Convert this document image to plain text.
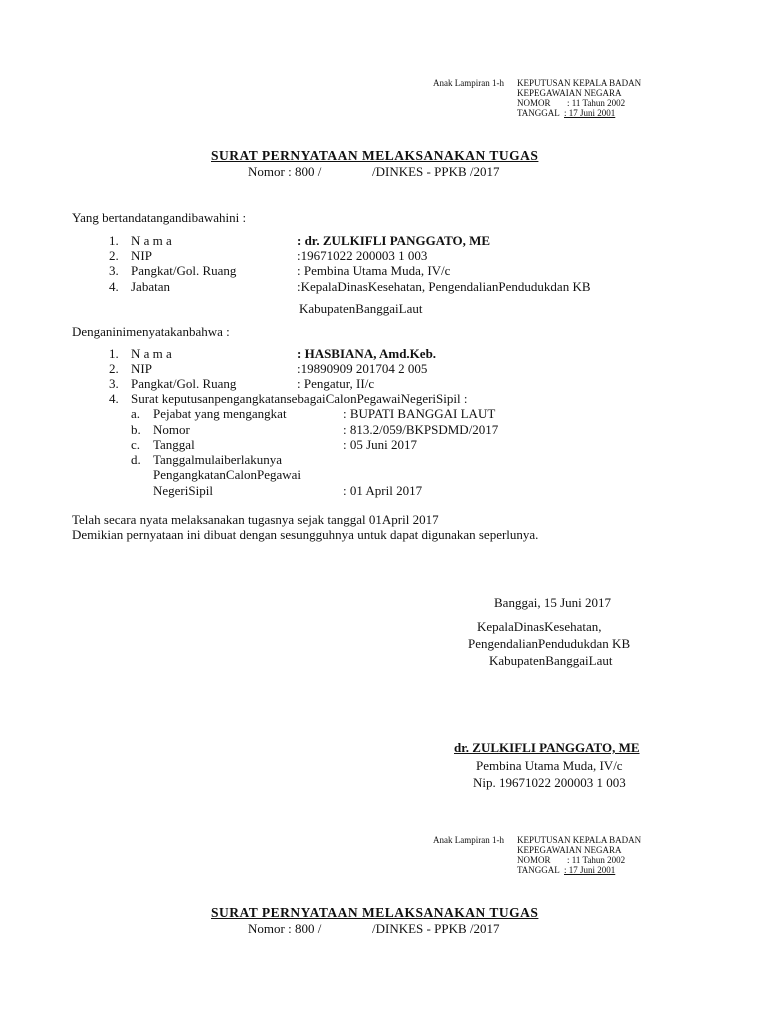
Anak Lampiran 1-h KEPUTUSAN KEPALA BADAN
KEPEGAWAIAN NEGARA
NOMOR : 11 Tahun 2002
TANGGAL : 17 Juni 2001
SURAT PERNYATAAN MELAKSANAKAN TUGAS
Nomor : 800 /	/DINKES - PPKB /2017
Yang bertandatangandibawahini :
1. N a m a	: dr. ZULKIFLI PANGGATO, ME
2. NIP	:19671022 200003 1 003
3. Pangkat/Gol. Ruang	: Pembina Utama Muda, IV/c
4. Jabatan	:KepalaDinasKesehatan, PengendalianPendudukdan KB
KabupatenBanggaiLaut
Denganinimenyatakanbahwa :
1. N a m a	: HASBIANA, Amd.Keb.
2. NIP	:19890909 201704 2 005
3. Pangkat/Gol. Ruang	: Pengatur, II/c
4. Surat keputusanpengangkatansebagaiCalonPegawaiNegeriSipil :
a. Pejabat yang mengangkat	: BUPATI BANGGAI LAUT
b. Nomor	: 813.2/059/BKPSDMD/2017
c. Tanggal	: 05 Juni 2017
d. Tanggalmulaiberlakunya
PengangkatanCalonPegawai
NegeriSipil	: 01 April 2017
Telah secara nyata melaksanakan tugasnya sejak tanggal 01April 2017
Demikian pernyataan ini dibuat dengan sesungguhnya untuk dapat digunakan seperlunya.
Banggai, 15 Juni 2017
KepalaDinasKesehatan,
PengendalianPendudukdan KB
KabupatenBanggaiLaut
dr. ZULKIFLI PANGGATO, ME
Pembina Utama Muda, IV/c
Nip. 19671022 200003 1 003
Anak Lampiran 1-h KEPUTUSAN KEPALA BADAN
KEPEGAWAIAN NEGARA
NOMOR : 11 Tahun 2002
TANGGAL : 17 Juni 2001
SURAT PERNYATAAN MELAKSANAKAN TUGAS
Nomor : 800 /	/DINKES - PPKB /2017
